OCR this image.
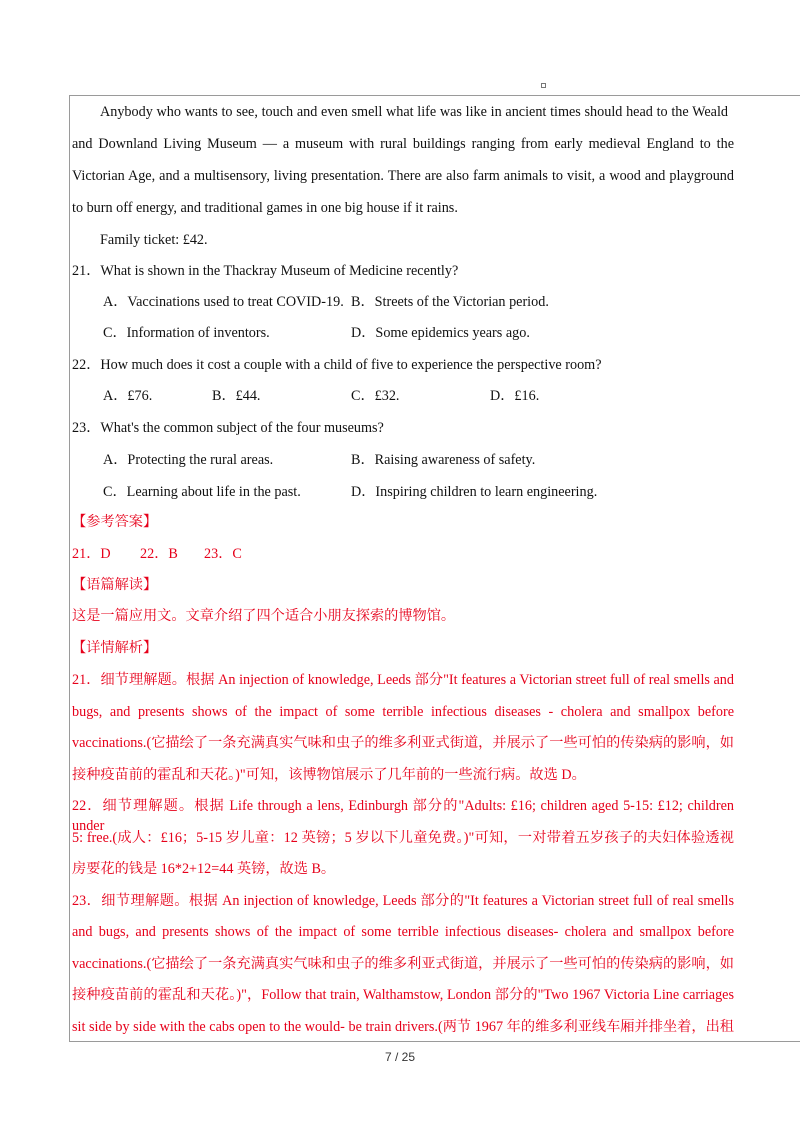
Anybody who wants to see, touch and even smell what life was like in ancient times should head to the Weald
and Downland Living Museum — a museum with rural buildings ranging from early medieval England to the
Victorian Age, and a multisensory, living presentation. There are also farm animals to visit, a wood and playground
to burn off energy, and traditional games in one big house if it rains.
Family ticket: £42.
21．What is shown in the Thackray Museum of Medicine recently?
A．Vaccinations used to treat COVID-19. B．Streets of the Victorian period.
C．Information of inventors.	D．Some epidemics years ago.
22．How much does it cost a couple with a child of five to experience the perspective room?
A．£76.	B．£44.	C．£32.	D．£16.
23．What's the common subject of the four museums?
A．Protecting the rural areas.	B．Raising awareness of safety.
C．Learning about life in the past.	D．Inspiring children to learn engineering.
【参考答案】
21．D 22．B 23．C
【语篇解读】
这是一篇应用文。文章介绍了四个适合小朋友探索的博物馆。
【详情解析】
21．细节理解题。根据 An injection of knowledge, Leeds 部分"It features a Victorian street full of real smells and
bugs, and presents shows of the impact of some terrible infectious diseases - cholera and smallpox before
vaccinations.(它描绘了一条充满真实气味和虫子的维多利亚式街道，并展示了一些可怕的传染病的影响，如
接种疫苗前的霍乱和天花。)"可知，该博物馆展示了几年前的一些流行病。故选 D。
22．细节理解题。根据 Life through a lens, Edinburgh 部分的"Adults: £16; children aged 5-15: £12; children under
5: free.(成人：£16；5-15 岁儿童：12 英镑；5 岁以下儿童免费。)"可知，一对带着五岁孩子的夫妇体验透视
房要花的钱是 16*2+12=44 英镑，故选 B。
23．细节理解题。根据 An injection of knowledge, Leeds 部分的"It features a Victorian street full of real smells
and bugs, and presents shows of the impact of some terrible infectious diseases- cholera and smallpox before
vaccinations.(它描绘了一条充满真实气味和虫子的维多利亚式街道，并展示了一些可怕的传染病的影响，如
接种疫苗前的霍乱和天花。)"，Follow that train, Walthamstow, London 部分的"Two 1967 Victoria Line carriages
sit side by side with the cabs open to the would- be train drivers.(两节 1967 年的维多利亚线车厢并排坐着，出租
7 / 25
